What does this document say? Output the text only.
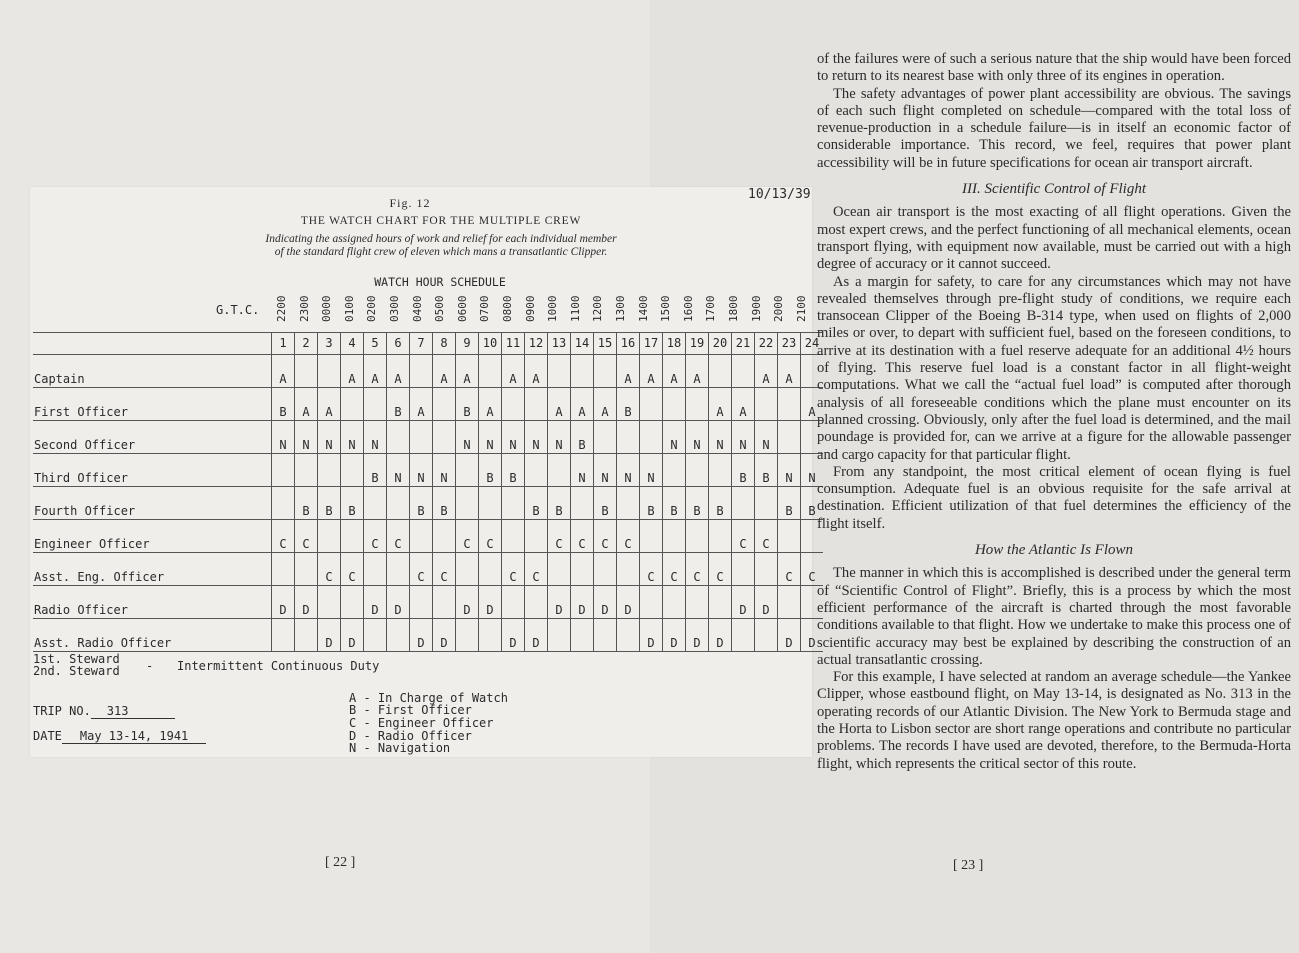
Fig. 12
10/13/39
THE WATCH CHART FOR THE MULTIPLE CREW
Indicating the assigned hours of work and relief for each individual member
of the standard flight crew of eleven which mans a transatlantic Clipper.
WATCH HOUR SCHEDULE
G.T.C. 2200 2300 0000 0100 0200 0300 0400 0500 0600 0700 0800 0900 1000 1100 1200 1300 1400 1500 1600 1700 1800 1900 2000 2100
	1	2	3	4	5	6	7	8	9	10	11	12	13	14	15	16	17	18	19	20	21	22	23	24
Captain	A			A	A	A		A	A		A	A				A	A	A	A			A	A	
First Officer	B	A	A			B	A		B	A			A	A	A	B				A	A			A
Second Officer	N	N	N	N	N				N	N	N	N	N	B				N	N	N	N	N		
Third Officer					B	N	N	N		B	B			N	N	N	N				B	B	N	N
Fourth Officer		B	B	B			B	B				B	B		B		B	B	B	B			B	B
Engineer Officer	C	C			C	C			C	C			C	C	C	C					C	C		
Asst. Eng. Officer			C	C			C	C			C	C					C	C	C	C			C	C
Radio Officer	D	D			D	D			D	D			D	D	D	D					D	D		
Asst. Radio Officer			D	D			D	D			D	D					D	D	D	D			D	D
1st. Steward
2nd. Steward - Intermittent Continuous Duty
TRIP NO. 313
DATE May 13-14, 1941
A - In Charge of Watch
B - First Officer
C - Engineer Officer
D - Radio Officer
N - Navigation
[ 22 ]

of the failures were of such a serious nature that the ship would have been forced to return to its nearest base with only three of its engines in operation.

The safety advantages of power plant accessibility are obvious. The savings of each such flight completed on schedule—compared with the total loss of revenue-production in a schedule failure—is in itself an economic factor of considerable importance. This record, we feel, requires that power plant accessibility will be in future specifications for ocean air transport aircraft.

III. Scientific Control of Flight

Ocean air transport is the most exacting of all flight operations. Given the most expert crews, and the perfect functioning of all mechanical elements, ocean transport flying, with equipment now available, must be carried out with a high degree of accuracy or it cannot succeed.

As a margin for safety, to care for any circumstances which may not have revealed themselves through pre-flight study of conditions, we require each transocean Clipper of the Boeing B-314 type, when used on flights of 2,000 miles or over, to depart with sufficient fuel, based on the foreseen conditions, to arrive at its destination with a fuel reserve adequate for an additional 4½ hours of flying. This reserve fuel load is a constant factor in all flight-weight computations. What we call the “actual fuel load” is computed after thorough analysis of all foreseeable conditions which the plane must encounter on its planned crossing. Obviously, only after the fuel load is determined, and the mail poundage is provided for, can we arrive at a figure for the allowable passenger and cargo capacity for that particular flight.

From any standpoint, the most critical element of ocean flying is fuel consumption. Adequate fuel is an obvious requisite for the safe arrival at destination. Efficient utilization of that fuel determines the efficiency of the flight itself.

How the Atlantic Is Flown

The manner in which this is accomplished is described under the general term of “Scientific Control of Flight”. Briefly, this is a process by which the most efficient performance of the aircraft is charted through the most favorable conditions available to that flight. How we undertake to make this process one of scientific accuracy may best be explained by describing the construction of an actual transatlantic crossing.

For this example, I have selected at random an average schedule—the Yankee Clipper, whose eastbound flight, on May 13-14, is designated as No. 313 in the operating records of our Atlantic Division. The New York to Bermuda stage and the Horta to Lisbon sector are short range operations and contribute no particular problems. The records I have used are devoted, therefore, to the Bermuda-Horta flight, which represents the critical sector of this route.

[ 23 ]
